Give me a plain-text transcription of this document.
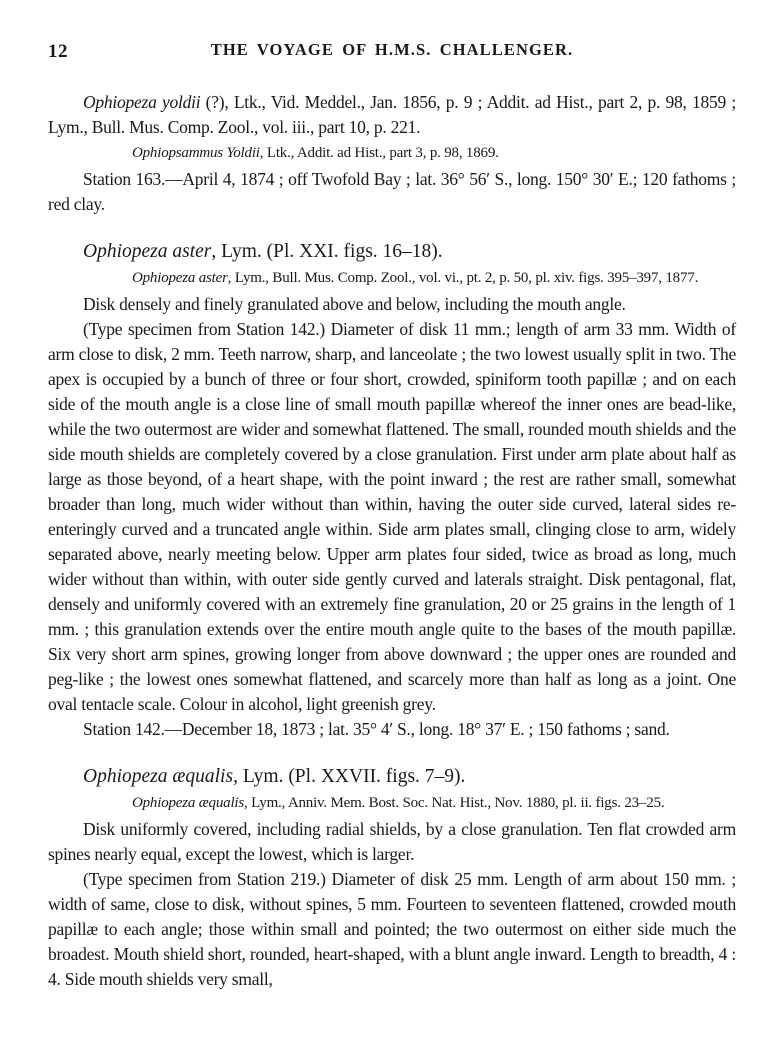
12	THE VOYAGE OF H.M.S. CHALLENGER.

Ophiopeza yoldii (?), Ltk., Vid. Meddel., Jan. 1856, p. 9 ; Addit. ad Hist., part 2, p. 98, 1859 ; Lym., Bull. Mus. Comp. Zool., vol. iii., part 10, p. 221.

Ophiopsammus Yoldii, Ltk., Addit. ad Hist., part 3, p. 98, 1869.

Station 163.—April 4, 1874 ; off Twofold Bay ; lat. 36° 56′ S., long. 150° 30′ E.; 120 fathoms ; red clay.

Ophiopeza aster, Lym. (Pl. XXI. figs. 16–18).

Ophiopeza aster, Lym., Bull. Mus. Comp. Zool., vol. vi., pt. 2, p. 50, pl. xiv. figs. 395–397, 1877.

Disk densely and finely granulated above and below, including the mouth angle.

(Type specimen from Station 142.) Diameter of disk 11 mm.; length of arm 33 mm. Width of arm close to disk, 2 mm. Teeth narrow, sharp, and lanceolate ; the two lowest usually split in two. The apex is occupied by a bunch of three or four short, crowded, spiniform tooth papillæ ; and on each side of the mouth angle is a close line of small mouth papillæ whereof the inner ones are bead-like, while the two outermost are wider and somewhat flattened. The small, rounded mouth shields and the side mouth shields are completely covered by a close granulation. First under arm plate about half as large as those beyond, of a heart shape, with the point inward ; the rest are rather small, somewhat broader than long, much wider without than within, having the outer side curved, lateral sides re-enteringly curved and a truncated angle within. Side arm plates small, clinging close to arm, widely separated above, nearly meeting below. Upper arm plates four sided, twice as broad as long, much wider without than within, with outer side gently curved and laterals straight. Disk pentagonal, flat, densely and uniformly covered with an extremely fine granulation, 20 or 25 grains in the length of 1 mm. ; this granulation extends over the entire mouth angle quite to the bases of the mouth papillæ. Six very short arm spines, growing longer from above downward ; the upper ones are rounded and peg-like ; the lowest ones somewhat flattened, and scarcely more than half as long as a joint. One oval tentacle scale. Colour in alcohol, light greenish grey.

Station 142.—December 18, 1873 ; lat. 35° 4′ S., long. 18° 37′ E. ; 150 fathoms ; sand.

Ophiopeza æqualis, Lym. (Pl. XXVII. figs. 7–9).

Ophiopeza æqualis, Lym., Anniv. Mem. Bost. Soc. Nat. Hist., Nov. 1880, pl. ii. figs. 23–25.

Disk uniformly covered, including radial shields, by a close granulation. Ten flat crowded arm spines nearly equal, except the lowest, which is larger.

(Type specimen from Station 219.) Diameter of disk 25 mm. Length of arm about 150 mm. ; width of same, close to disk, without spines, 5 mm. Fourteen to seventeen flattened, crowded mouth papillæ to each angle; those within small and pointed; the two outermost on either side much the broadest. Mouth shield short, rounded, heart-shaped, with a blunt angle inward. Length to breadth, 4 : 4. Side mouth shields very small,
